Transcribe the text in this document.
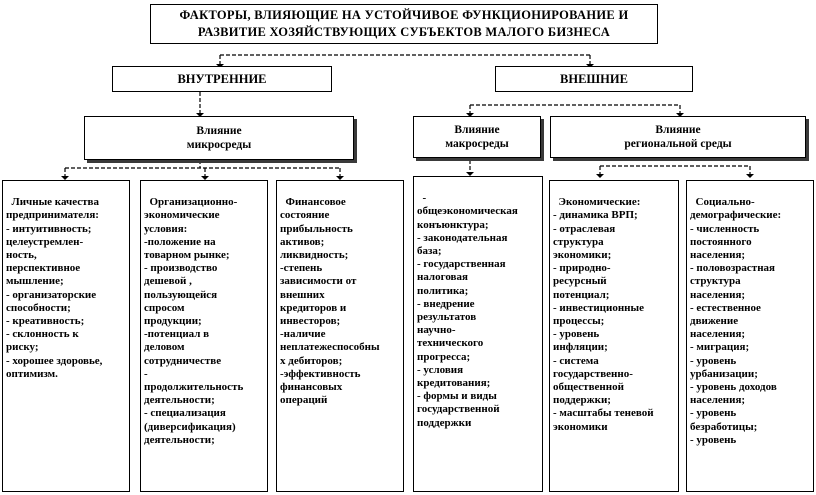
ФАКТОРЫ, ВЛИЯЮЩИЕ НА УСТОЙЧИВОЕ ФУНКЦИОНИРОВАНИЕ И
РАЗВИТИЕ ХОЗЯЙСТВУЮЩИХ СУБЪЕКТОВ МАЛОГО БИЗНЕСА
ВНУТРЕННИЕ	ВНЕШНИЕ
Влияние
микросреды
Влияние
макросреды
Влияние
региональной среды

Личные качества
предпринимателя:
- интуитивность;
целеустремлен-
ность,
перспективное
мышление;
- организаторские
способности;
- креативность;
- склонность к
риску;
- хорошее здоровье,
оптимизм.

Организационно-
экономические
условия:
-положение на
товарном рынке;
- производство
дешевой ,
пользующейся
спросом
продукции;
-потенциал в
деловом
сотрудничестве
-
продолжительность
деятельности;
- специализация
(диверсификация)
деятельности;

Финансовое
состояние
прибыльность
активов;
ликвидность;
-степень
зависимости от
внешних
кредиторов и
инвесторов;
-наличие
неплатежеспособны
х дебиторов;
-эффективность
финансовых
операций

-
общеэкономическая
конъюнктура;
- законодательная
база;
- государственная
налоговая
политика;
- внедрение
результатов
научно-
технического
прогресса;
- условия
кредитования;
- формы и виды
государственной
поддержки

Экономические:
- динамика ВРП;
- отраслевая
структура
экономики;
- природно-
ресурсный
потенциал;
- инвестиционные
процессы;
- уровень
инфляции;
- система
государственно-
общественной
поддержки;
- масштабы теневой
экономики

Социально-
демографические:
- численность
постоянного
населения;
- половозрастная
структура
населения;
- естественное
движение
населения;
- миграция;
- уровень
урбанизации;
- уровень доходов
населения;
- уровень
безработицы;
- уровень
